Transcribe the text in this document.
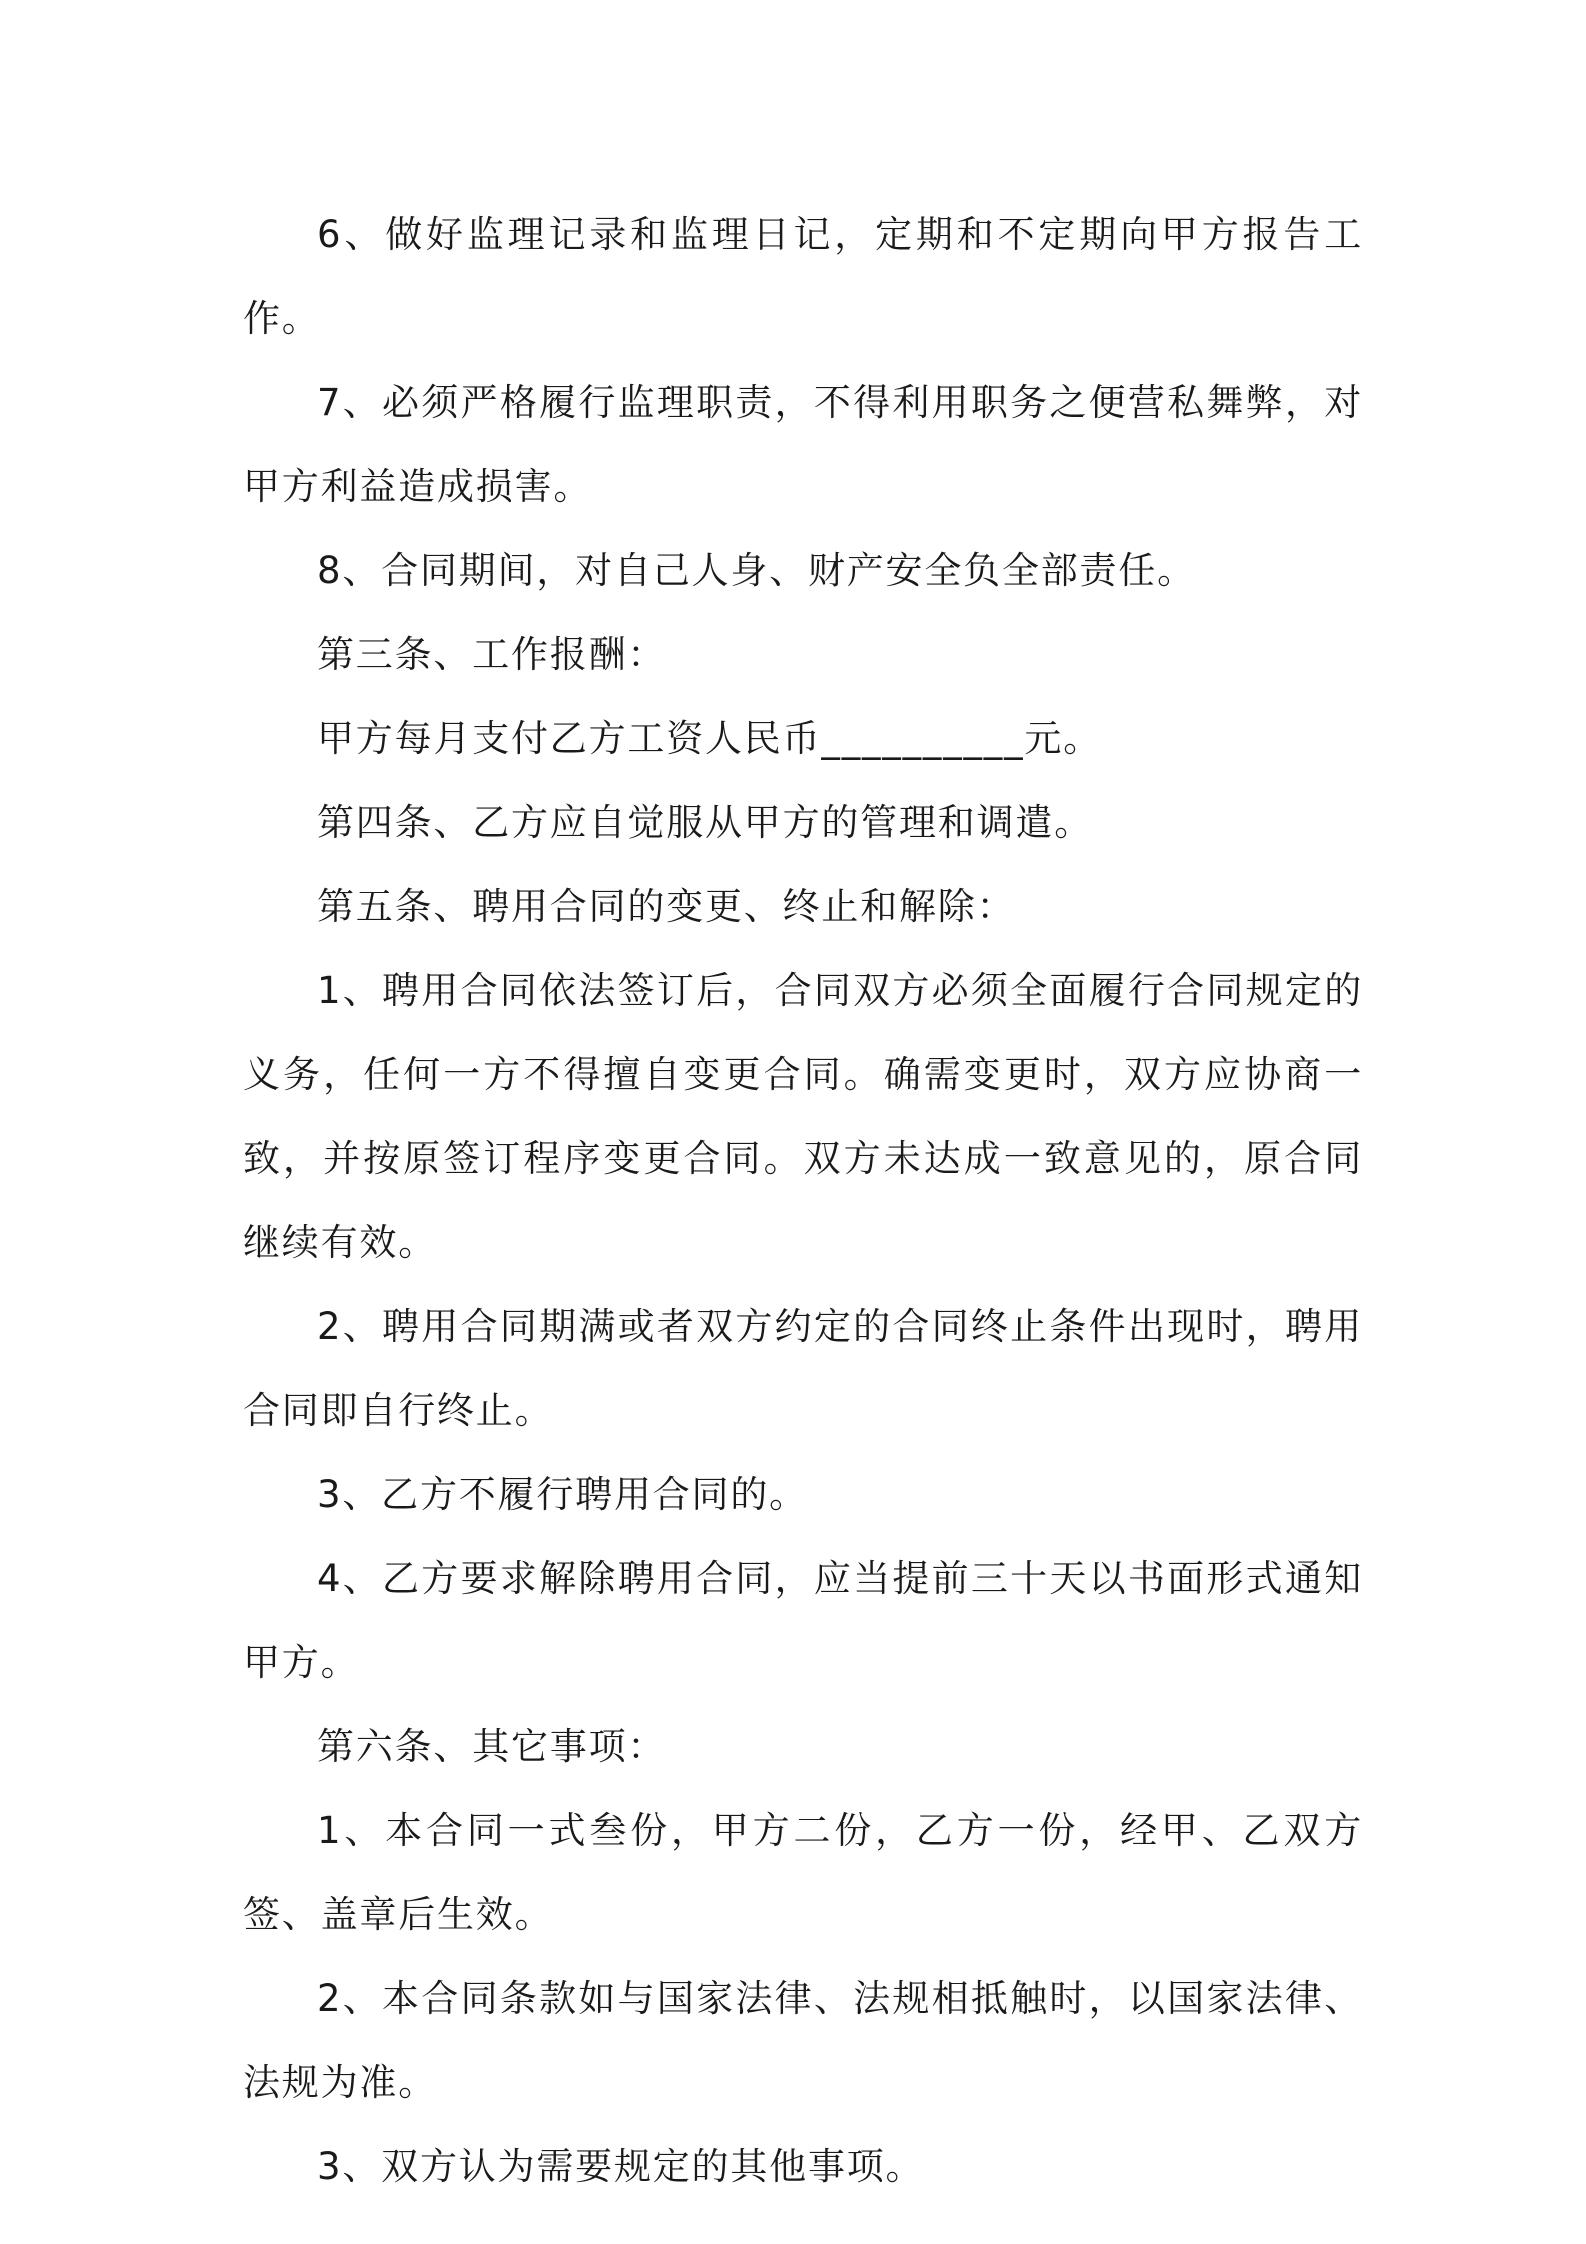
6、做好监理记录和监理日记，定期和不定期向甲方报告工作。

7、必须严格履行监理职责，不得利用职务之便营私舞弊，对甲方利益造成损害。

8、合同期间，对自己人身、财产安全负全部责任。

第三条、工作报酬：

甲方每月支付乙方工资人民币__________元。

第四条、乙方应自觉服从甲方的管理和调遣。

第五条、聘用合同的变更、终止和解除：

1、聘用合同依法签订后，合同双方必须全面履行合同规定的义务，任何一方不得擅自变更合同。确需变更时，双方应协商一致，并按原签订程序变更合同。双方未达成一致意见的，原合同继续有效。

2、聘用合同期满或者双方约定的合同终止条件出现时，聘用合同即自行终止。

3、乙方不履行聘用合同的。

4、乙方要求解除聘用合同，应当提前三十天以书面形式通知甲方。

第六条、其它事项：

1、本合同一式叁份，甲方二份，乙方一份，经甲、乙双方签、盖章后生效。

2、本合同条款如与国家法律、法规相抵触时，以国家法律、法规为准。

3、双方认为需要规定的其他事项。
